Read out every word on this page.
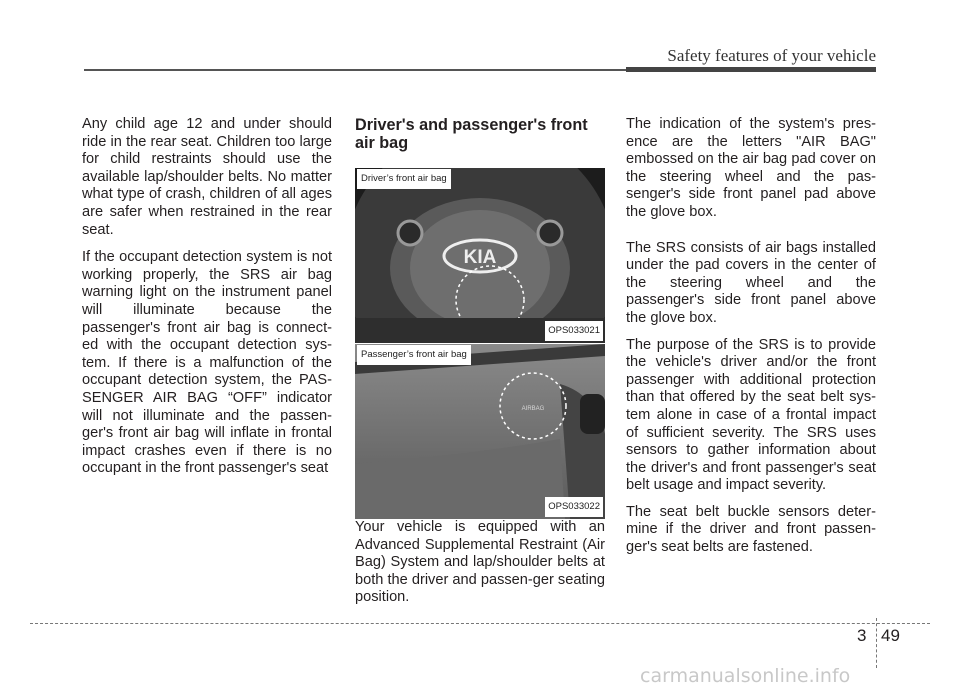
Safety features of your vehicle

Any child age 12 and under should ride in the rear seat. Children too large for child restraints should use the available lap/shoulder belts. No matter what type of crash, children of all ages are safer when restrained in the rear seat.

If the occupant detection system is not working properly, the SRS air bag warning light on the instrument panel will illuminate because the passenger's front air bag is connect-ed with the occupant detection sys-tem. If there is a malfunction of the occupant detection system, the PAS-SENGER AIR BAG “OFF” indicator will not illuminate and the passen-ger's front air bag will inflate in frontal impact crashes even if there is no occupant in the front passenger's seat

Driver's and passenger's front air bag
KIA
Driver’s front air bag
OPS033021
AIRBAG
Passenger’s front air bag
OPS033022

Your vehicle is equipped with an Advanced Supplemental Restraint (Air Bag) System and lap/shoulder belts at both the driver and passen-ger seating position.

The indication of the system's pres-ence are the letters "AIR BAG" embossed on the air bag pad cover on the steering wheel and the pas-senger's side front panel pad above the glove box.

The SRS consists of air bags installed under the pad covers in the center of the steering wheel and the passenger's side front panel above the glove box.

The purpose of the SRS is to provide the vehicle's driver and/or the front passenger with additional protection than that offered by the seat belt sys-tem alone in case of a frontal impact of sufficient severity. The SRS uses sensors to gather information about the driver's and front passenger's seat belt usage and impact severity.

The seat belt buckle sensors deter-mine if the driver and front passen-ger's seat belts are fastened.

3 49
carmanualsonline.info
